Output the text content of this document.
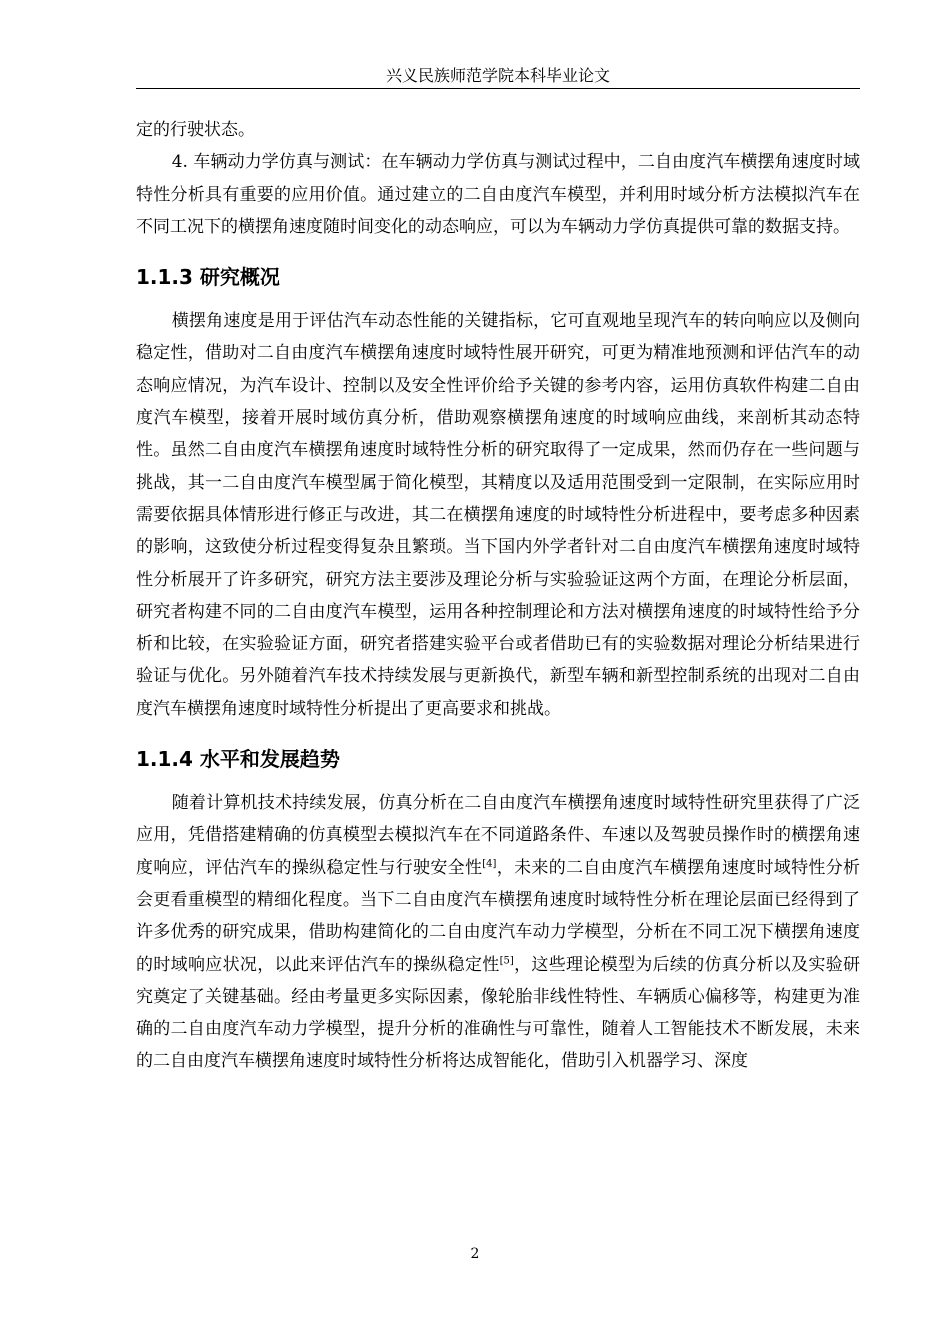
兴义民族师范学院本科毕业论文

定的行驶状态。

4. 车辆动力学仿真与测试：在车辆动力学仿真与测试过程中，二自由度汽车横摆角速度时域特性分析具有重要的应用价值。通过建立的二自由度汽车模型，并利用时域分析方法模拟汽车在不同工况下的横摆角速度随时间变化的动态响应，可以为车辆动力学仿真提供可靠的数据支持。

1.1.3 研究概况

横摆角速度是用于评估汽车动态性能的关键指标，它可直观地呈现汽车的转向响应以及侧向稳定性，借助对二自由度汽车横摆角速度时域特性展开研究，可更为精准地预测和评估汽车的动态响应情况，为汽车设计、控制以及安全性评价给予关键的参考内容，运用仿真软件构建二自由度汽车模型，接着开展时域仿真分析，借助观察横摆角速度的时域响应曲线，来剖析其动态特性。虽然二自由度汽车横摆角速度时域特性分析的研究取得了一定成果，然而仍存在一些问题与挑战，其一二自由度汽车模型属于简化模型，其精度以及适用范围受到一定限制，在实际应用时需要依据具体情形进行修正与改进，其二在横摆角速度的时域特性分析进程中，要考虑多种因素的影响，这致使分析过程变得复杂且繁琐。当下国内外学者针对二自由度汽车横摆角速度时域特性分析展开了许多研究，研究方法主要涉及理论分析与实验验证这两个方面，在理论分析层面，研究者构建不同的二自由度汽车模型，运用各种控制理论和方法对横摆角速度的时域特性给予分析和比较，在实验验证方面，研究者搭建实验平台或者借助已有的实验数据对理论分析结果进行验证与优化。另外随着汽车技术持续发展与更新换代，新型车辆和新型控制系统的出现对二自由度汽车横摆角速度时域特性分析提出了更高要求和挑战。

1.1.4 水平和发展趋势

随着计算机技术持续发展，仿真分析在二自由度汽车横摆角速度时域特性研究里获得了广泛应用，凭借搭建精确的仿真模型去模拟汽车在不同道路条件、车速以及驾驶员操作时的横摆角速度响应，评估汽车的操纵稳定性与行驶安全性[4]，未来的二自由度汽车横摆角速度时域特性分析会更看重模型的精细化程度。当下二自由度汽车横摆角速度时域特性分析在理论层面已经得到了许多优秀的研究成果，借助构建简化的二自由度汽车动力学模型，分析在不同工况下横摆角速度的时域响应状况，以此来评估汽车的操纵稳定性[5]，这些理论模型为后续的仿真分析以及实验研究奠定了关键基础。经由考量更多实际因素，像轮胎非线性特性、车辆质心偏移等，构建更为准确的二自由度汽车动力学模型，提升分析的准确性与可靠性，随着人工智能技术不断发展，未来的二自由度汽车横摆角速度时域特性分析将达成智能化，借助引入机器学习、深度

2
